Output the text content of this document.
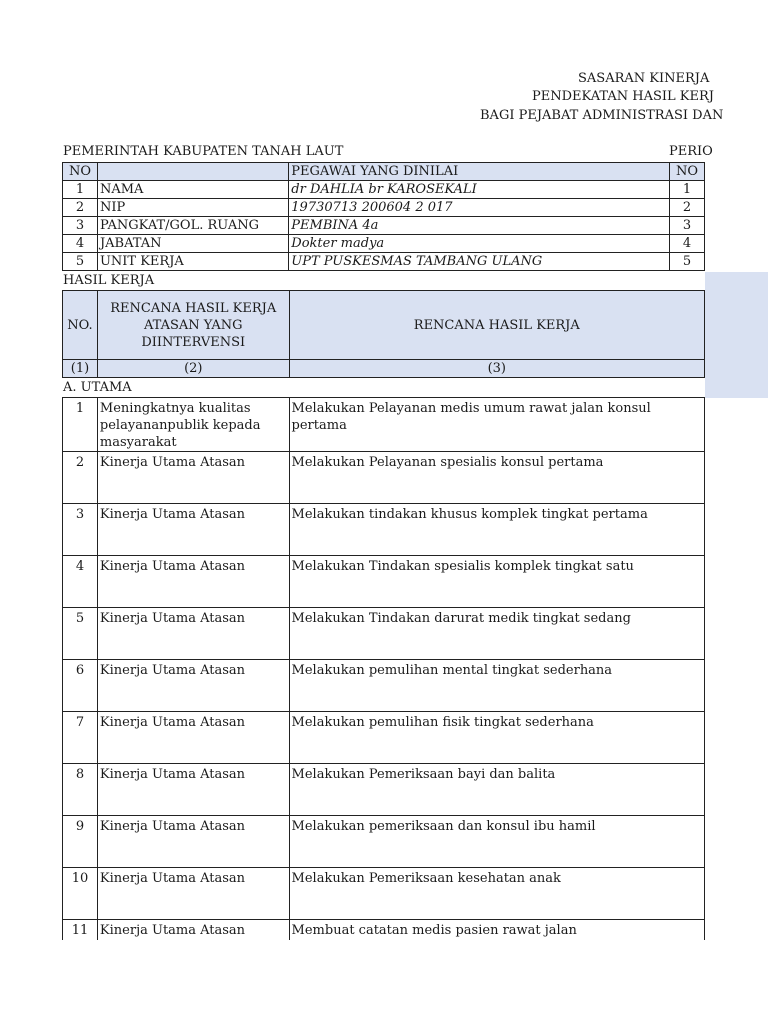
SASARAN KINERJA
PENDEKATAN HASIL KERJ
BAGI PEJABAT ADMINISTRASI DAN
PEMERINTAH KABUPATEN TANAH LAUT	PERIO
NO		PEGAWAI YANG DINILAI	NO
1	NAMA	dr DAHLIA br KAROSEKALI	1
2	NIP	19730713 200604 2 017	2
3	PANGKAT/GOL. RUANG	PEMBINA 4a	3
4	JABATAN	Dokter madya	4
5	UNIT KERJA	UPT PUSKESMAS TAMBANG ULANG	5
HASIL KERJA
NO.	RENCANA HASIL KERJA ATASAN YANG DIINTERVENSI	RENCANA HASIL KERJA
(1)	(2)	(3)
A. UTAMA
1	Meningkatnya kualitas pelayananpublik kepada masyarakat	Melakukan Pelayanan medis umum rawat jalan konsul pertama
2	Kinerja Utama Atasan	Melakukan Pelayanan spesialis konsul pertama
3	Kinerja Utama Atasan	Melakukan tindakan khusus komplek tingkat pertama
4	Kinerja Utama Atasan	Melakukan Tindakan spesialis komplek tingkat satu
5	Kinerja Utama Atasan	Melakukan Tindakan darurat medik tingkat sedang
6	Kinerja Utama Atasan	Melakukan pemulihan mental tingkat sederhana
7	Kinerja Utama Atasan	Melakukan pemulihan fisik tingkat sederhana
8	Kinerja Utama Atasan	Melakukan Pemeriksaan bayi dan balita
9	Kinerja Utama Atasan	Melakukan pemeriksaan dan konsul ibu hamil
10	Kinerja Utama Atasan	Melakukan Pemeriksaan kesehatan anak
11	Kinerja Utama Atasan	Membuat catatan medis pasien rawat jalan
